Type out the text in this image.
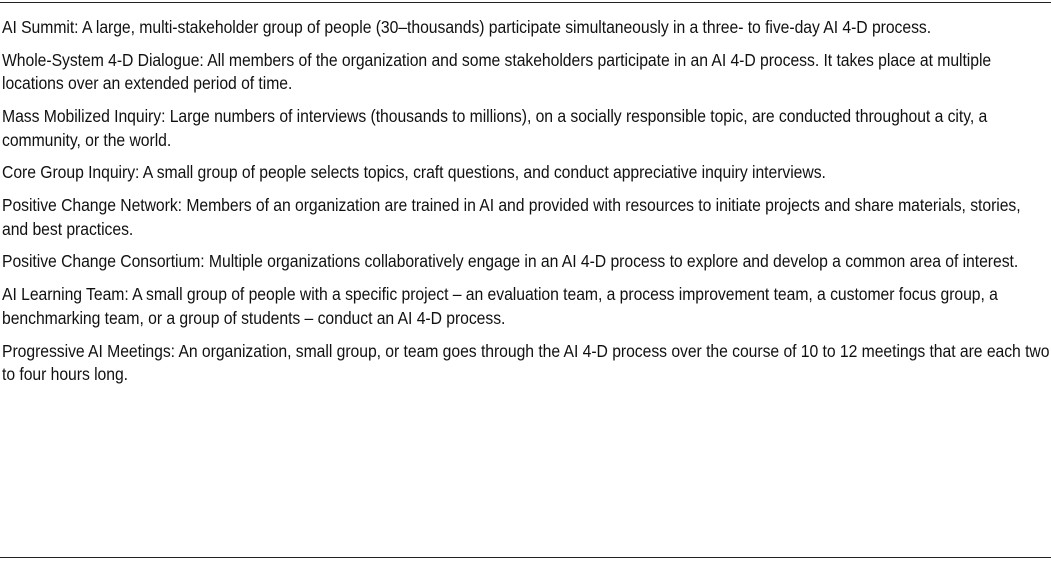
AI Summit: A large, multi-stakeholder group of people (30–thousands) participate simultaneously in a three- to five-day AI 4-D process.
Whole-System 4-D Dialogue: All members of the organization and some stakeholders participate in an AI 4-D process. It takes place at multiple locations over an extended period of time.
Mass Mobilized Inquiry: Large numbers of interviews (thousands to millions), on a socially responsible topic, are conducted throughout a city, a community, or the world.
Core Group Inquiry: A small group of people selects topics, craft questions, and conduct appreciative inquiry interviews.
Positive Change Network: Members of an organization are trained in AI and provided with resources to initiate projects and share materials, stories, and best practices.
Positive Change Consortium: Multiple organizations collaboratively engage in an AI 4-D process to explore and develop a common area of interest.
AI Learning Team: A small group of people with a specific project – an evaluation team, a process improvement team, a customer focus group, a benchmarking team, or a group of students – conduct an AI 4-D process.
Progressive AI Meetings: An organization, small group, or team goes through the AI 4-D process over the course of 10 to 12 meetings that are each two to four hours long.
